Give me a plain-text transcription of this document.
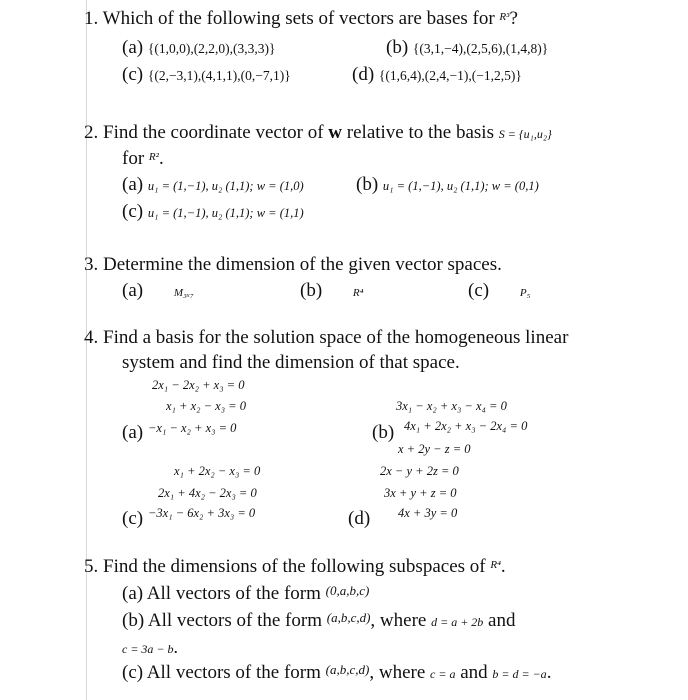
1. Which of the following sets of vectors are bases for $^{R^3}$?
(a) {(1,0,0),(2,2,0),(3,3,3)}	(b) {(3,1,−4),(2,5,6),(1,4,8)}
(c) {(2,−3,1),(4,1,1),(0,−7,1)}	(d) {(1,6,4),(2,4,−1),(−1,2,5)}
2. Find the coordinate vector of w relative to the basis S = {u₁,u₂}
for $^{R^2}$.
(a) u₁ = (1,−1), u₂ (1,1); w = (1,0)	(b) u₁ = (1,−1), u₂ (1,1); w = (0,1)
(c) u₁ = (1,−1), u₂ (1,1); w = (1,1)
3. Determine the dimension of the given vector spaces.
(a)	M₃ₓ₇	(b)	R⁴	(c)	P₅
4. Find a basis for the solution space of the homogeneous linear
system and find the dimension of that space.
2x₁ − 2x₂ + x₃ = 0
x₁ + x₂ − x₃ = 0
(a) −x₁ − x₂ + x₃ = 0
3x₁ − x₂ + x₃ − x₄ = 0
(b) 4x₁ + 2x₂ + x₃ − 2x₄ = 0
x + 2y − z = 0
2x − y + 2z = 0
3x + y + z = 0
(d) 4x + 3y = 0
x₁ + 2x₂ − x₃ = 0
2x₁ + 4x₂ − 2x₃ = 0
(c) −3x₁ − 6x₂ + 3x₃ = 0
5. Find the dimensions of the following subspaces of $^{R^4}$.
(a) All vectors of the form $^{(0,a,b,c)}$
(b) All vectors of the form $^{(a,b,c,d)}$, where d = a + 2b and
c = 3a − b.
(c) All vectors of the form $^{(a,b,c,d)}$, where c = a and b = d = −a.
